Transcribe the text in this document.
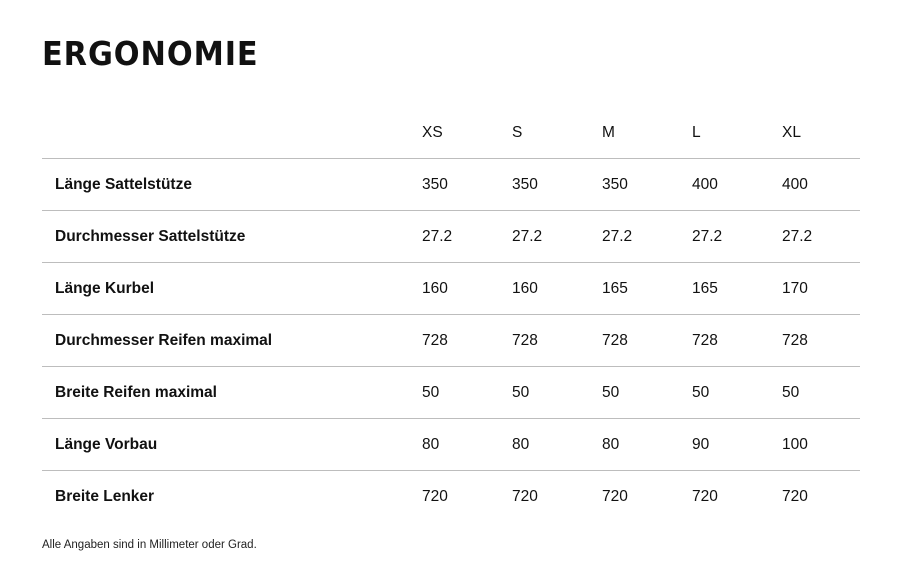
ERGONOMIE
	XS	S	M	L	XL
Länge Sattelstütze	350	350	350	400	400
Durchmesser Sattelstütze	27.2	27.2	27.2	27.2	27.2
Länge Kurbel	160	160	165	165	170
Durchmesser Reifen maximal	728	728	728	728	728
Breite Reifen maximal	50	50	50	50	50
Länge Vorbau	80	80	80	90	100
Breite Lenker	720	720	720	720	720

Alle Angaben sind in Millimeter oder Grad.
